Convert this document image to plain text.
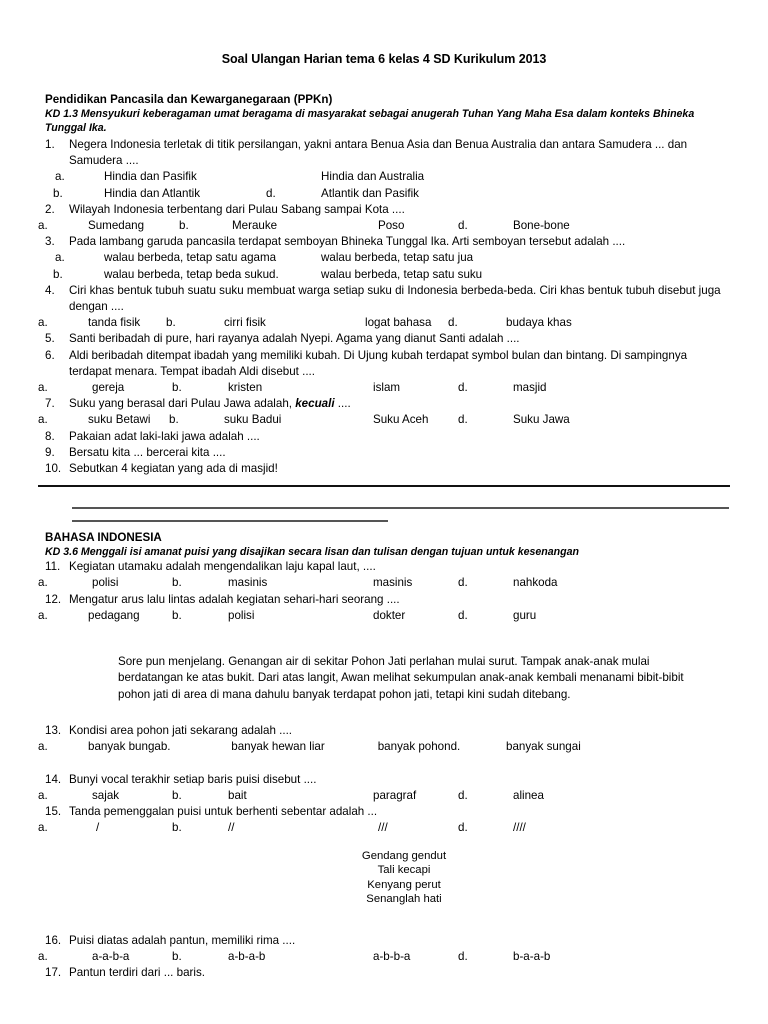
Soal Ulangan Harian tema 6 kelas 4 SD Kurikulum 2013
Pendidikan Pancasila dan Kewarganegaraan (PPKn)
KD 1.3 Mensyukuri keberagaman umat beragama di masyarakat sebagai anugerah Tuhan Yang Maha Esa dalam konteks Bhineka Tunggal Ika.
1.	Negera Indonesia terletak di titik persilangan, yakni antara Benua Asia dan Benua Australia dan antara Samudera ... dan Samudera ....
a.	Hindia dan Pasifik	Hindia dan Australia
b.	Hindia dan Atlantik	d.	Atlantik dan Pasifik
2.	Wilayah Indonesia terbentang dari Pulau Sabang sampai Kota ....
a.	Sumedang	b.	Merauke	Poso	d.	Bone-bone
3.	Pada lambang garuda pancasila terdapat semboyan Bhineka Tunggal Ika. Arti semboyan tersebut adalah ....
a.	walau berbeda, tetap satu agama	walau berbeda, tetap satu jua
b.	walau berbeda, tetap beda sukud.	walau berbeda, tetap satu suku
4.	Ciri khas bentuk tubuh suatu suku membuat warga setiap suku di Indonesia berbeda-beda. Ciri khas bentuk tubuh disebut juga dengan ....
a.	tanda fisik b.	cirri fisik	logat bahasa d.	budaya khas
5.	Santi beribadah di pure, hari rayanya adalah Nyepi. Agama yang dianut Santi adalah ....
6.	Aldi beribadah ditempat ibadah yang memiliki kubah. Di Ujung kubah terdapat symbol bulan dan bintang. Di sampingnya terdapat menara. Tempat ibadah Aldi disebut ....
a.	gereja	b.	kristen	islam	d.	masjid
7.	Suku yang berasal dari Pulau Jawa adalah, kecuali ....
a.	suku Betawi b.	suku Badui	Suku Aceh	d.	Suku Jawa
8.	Pakaian adat laki-laki jawa adalah ....
9.	Bersatu kita ... bercerai kita ....
10. Sebutkan 4 kegiatan yang ada di masjid!
BAHASA INDONESIA
KD 3.6 Menggali isi amanat puisi yang disajikan secara lisan dan tulisan dengan tujuan untuk kesenangan
11. Kegiatan utamaku adalah mengendalikan laju kapal laut, ....
a.	polisi	b.	masinis	masinis	d.	nahkoda
12. Mengatur arus lalu lintas adalah kegiatan sehari-hari seorang ....
a.	pedagang	b.	polisi	dokter	d.	guru

Sore pun menjelang. Genangan air di sekitar Pohon Jati perlahan mulai surut. Tampak anak-anak mulai berdatangan ke atas bukit. Dari atas langit, Awan melihat sekumpulan anak-anak kembali menanami bibit-bibit pohon jati di area di mana dahulu banyak terdapat pohon jati, tetapi kini sudah ditebang.

13. Kondisi area pohon jati sekarang adalah ....
a.	banyak bungab.	banyak hewan liar	banyak pohond.	banyak sungai
14. Bunyi vocal terakhir setiap baris puisi disebut ....
a.	sajak	b.	bait	paragraf	d.	alinea
15. Tanda pemenggalan puisi untuk berhenti sebentar adalah ...
a.	/	b.	//	///	d.	////
Gendang gendut
Tali kecapi
Kenyang perut
Senanglah hati
16. Puisi diatas adalah pantun, memiliki rima ....
a.	a-a-b-a	b.	a-b-a-b	a-b-b-a	d.	b-a-a-b
17. Pantun terdiri dari ... baris.
